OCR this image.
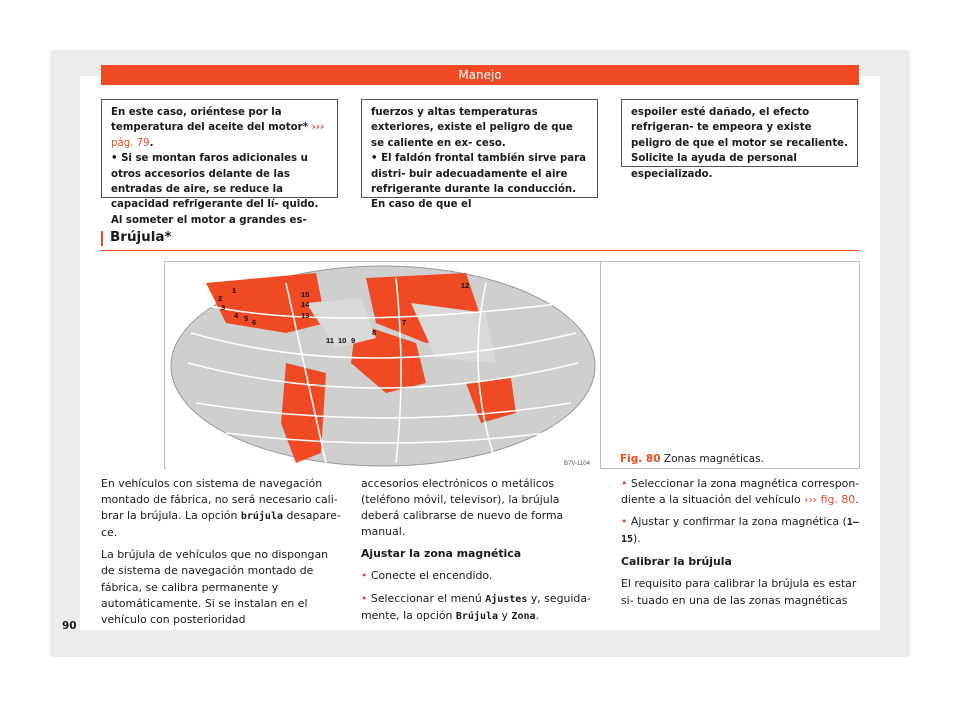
Manejo

En este caso, oriéntese por la temperatura del aceite del motor* ››› pág. 79.

• Si se montan faros adicionales u otros accesorios delante de las entradas de aire, se reduce la capacidad refrigerante del lí- quido. Al someter el motor a grandes es-

fuerzos y altas temperaturas exteriores, existe el peligro de que se caliente en ex- ceso.

• El faldón frontal también sirve para distri- buir adecuadamente el aire refrigerante durante la conducción. En caso de que el

espoiler esté dañado, el efecto refrigeran- te empeora y existe peligro de que el motor se recaliente. Solicite la ayuda de personal especializado.

Brújula*
1
2
3
4 5 6	7
8
9
10
11
12
13
14
15
B7V-1104	Fig. 80 Zonas magnéticas.

En vehículos con sistema de navegación montado de fábrica, no será necesario cali- brar la brújula. La opción brújula desapare- ce.

La brújula de vehículos que no dispongan de sistema de navegación montado de fábrica, se calibra permanente y automáticamente. Si se instalan en el vehículo con posterioridad

accesorios electrónicos o metálicos (teléfono móvil, televisor), la brújula deberá calibrarse de nuevo de forma manual.

Ajustar la zona magnética

• Conecte el encendido.

• Seleccionar el menú Ajustes y, seguida- mente, la opción Brújula y Zona.

• Seleccionar la zona magnética correspon- diente a la situación del vehículo ››› fig. 80.

• Ajustar y confirmar la zona magnética (1–15).

Calibrar la brújula

El requisito para calibrar la brújula es estar si- tuado en una de las zonas magnéticas

90
